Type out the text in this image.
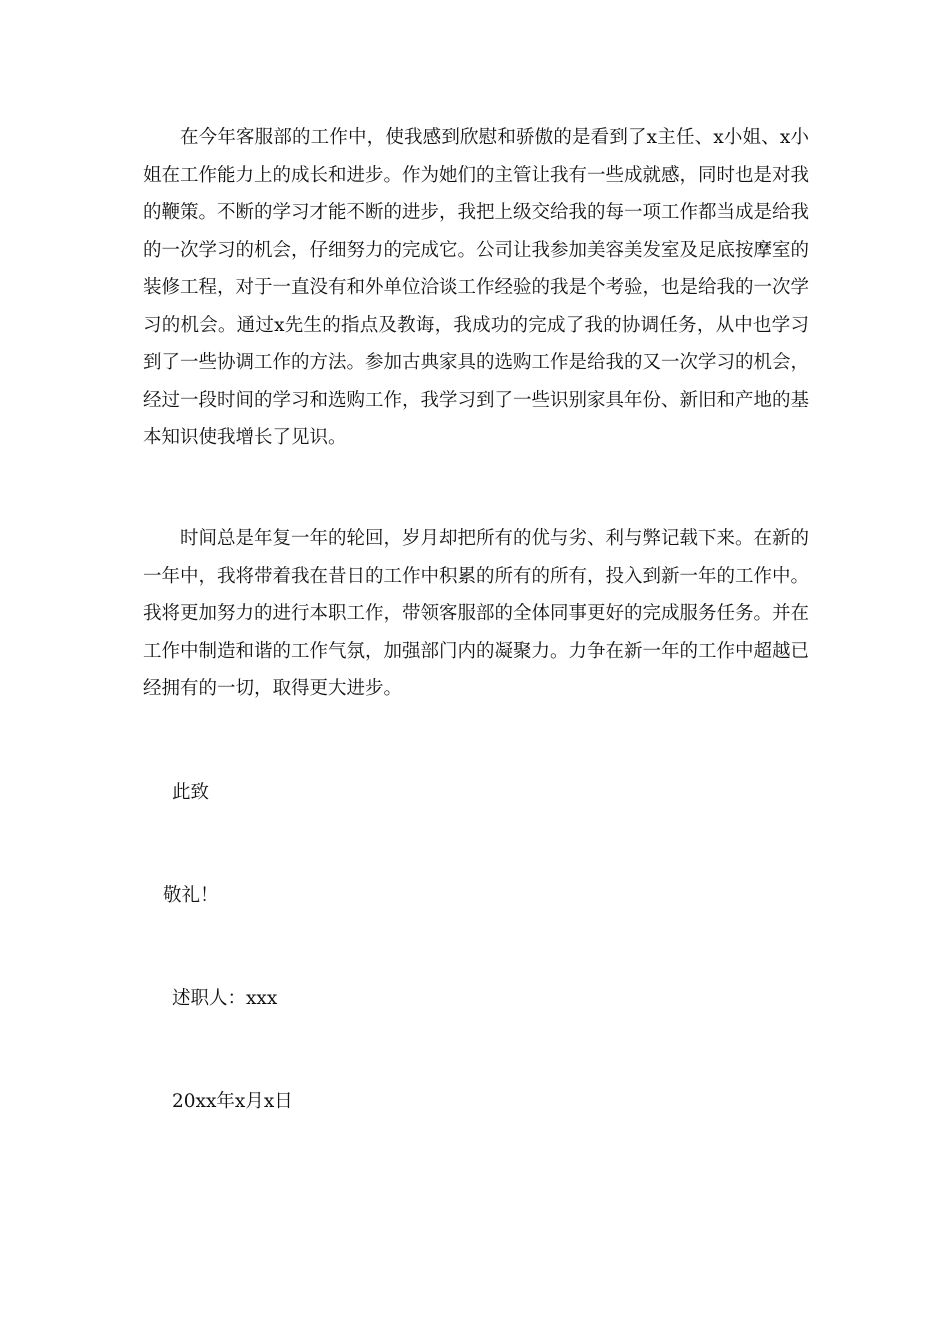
在今年客服部的工作中，使我感到欣慰和骄傲的是看到了x主任、x小姐、x小姐在工作能力上的成长和进步。作为她们的主管让我有一些成就感，同时也是对我的鞭策。不断的学习才能不断的进步，我把上级交给我的每一项工作都当成是给我的一次学习的机会，仔细努力的完成它。公司让我参加美容美发室及足底按摩室的装修工程，对于一直没有和外单位洽谈工作经验的我是个考验，也是给我的一次学习的机会。通过x先生的指点及教诲，我成功的完成了我的协调任务，从中也学习到了一些协调工作的方法。参加古典家具的选购工作是给我的又一次学习的机会，经过一段时间的学习和选购工作，我学习到了一些识别家具年份、新旧和产地的基本知识使我增长了见识。

时间总是年复一年的轮回，岁月却把所有的优与劣、利与弊记载下来。在新的一年中，我将带着我在昔日的工作中积累的所有的所有，投入到新一年的工作中。我将更加努力的进行本职工作，带领客服部的全体同事更好的完成服务任务。并在工作中制造和谐的工作气氛，加强部门内的凝聚力。力争在新一年的工作中超越已经拥有的一切，取得更大进步。

此致

敬礼！

述职人：xxx

20xx年x月x日
